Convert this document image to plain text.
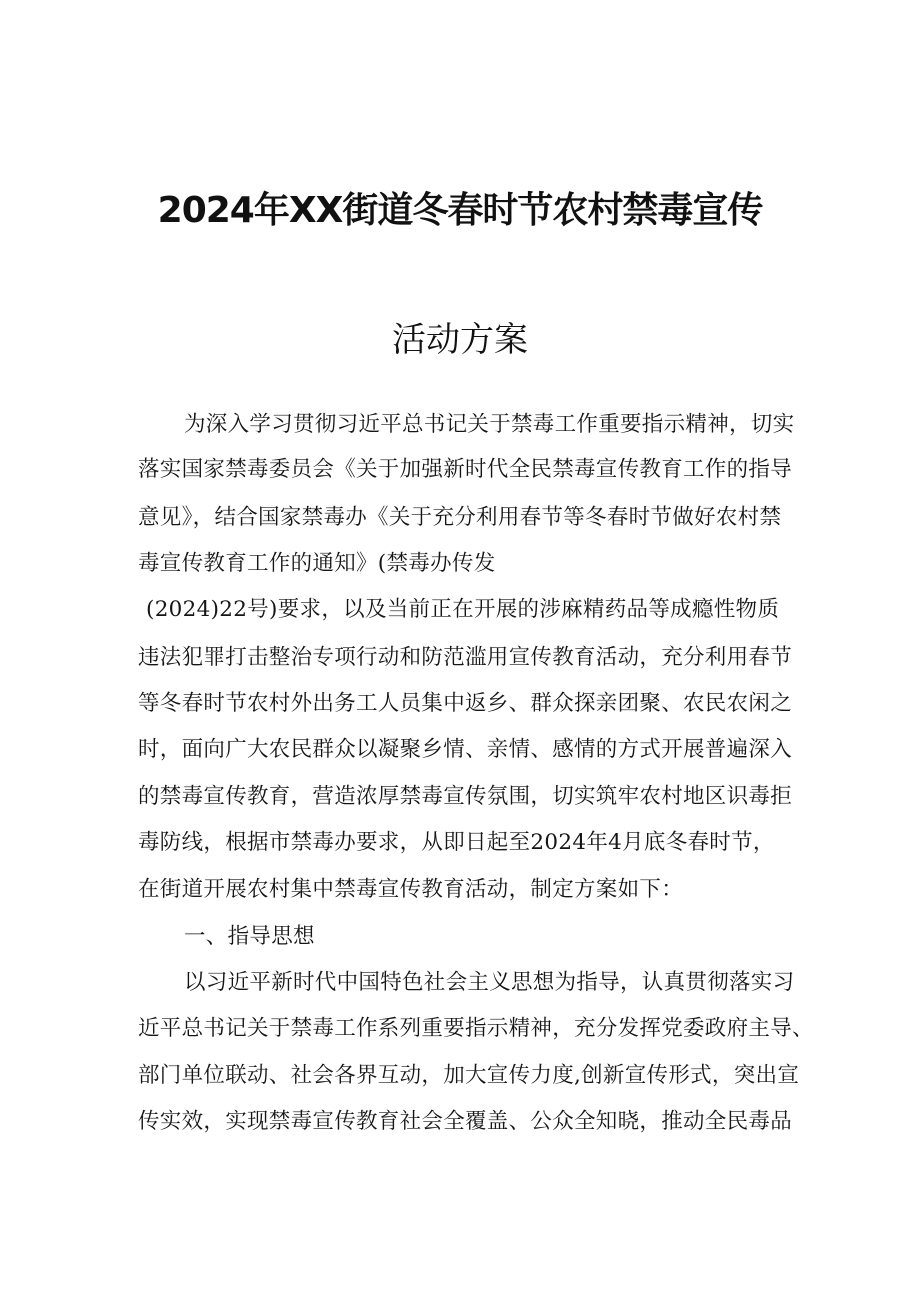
2024年XX街道冬春时节农村禁毒宣传
活动方案
为深入学习贯彻习近平总书记关于禁毒工作重要指示精神，切实
落实国家禁毒委员会《关于加强新时代全民禁毒宣传教育工作的指导
意见》，结合国家禁毒办《关于充分利用春节等冬春时节做好农村禁
毒宣传教育工作的通知》(禁毒办传发
(2024)22号)要求，以及当前正在开展的涉麻精药品等成瘾性物质
违法犯罪打击整治专项行动和防范滥用宣传教育活动，充分利用春节
等冬春时节农村外出务工人员集中返乡、群众探亲团聚、农民农闲之
时，面向广大农民群众以凝聚乡情、亲情、感情的方式开展普遍深入
的禁毒宣传教育，营造浓厚禁毒宣传氛围，切实筑牢农村地区识毒拒
毒防线，根据市禁毒办要求，从即日起至2024年4月底冬春时节，
在街道开展农村集中禁毒宣传教育活动，制定方案如下：
一、指导思想
以习近平新时代中国特色社会主义思想为指导，认真贯彻落实习
近平总书记关于禁毒工作系列重要指示精神，充分发挥党委政府主导、
部门单位联动、社会各界互动，加大宣传力度,创新宣传形式，突出宣
传实效，实现禁毒宣传教育社会全覆盖、公众全知晓，推动全民毒品
